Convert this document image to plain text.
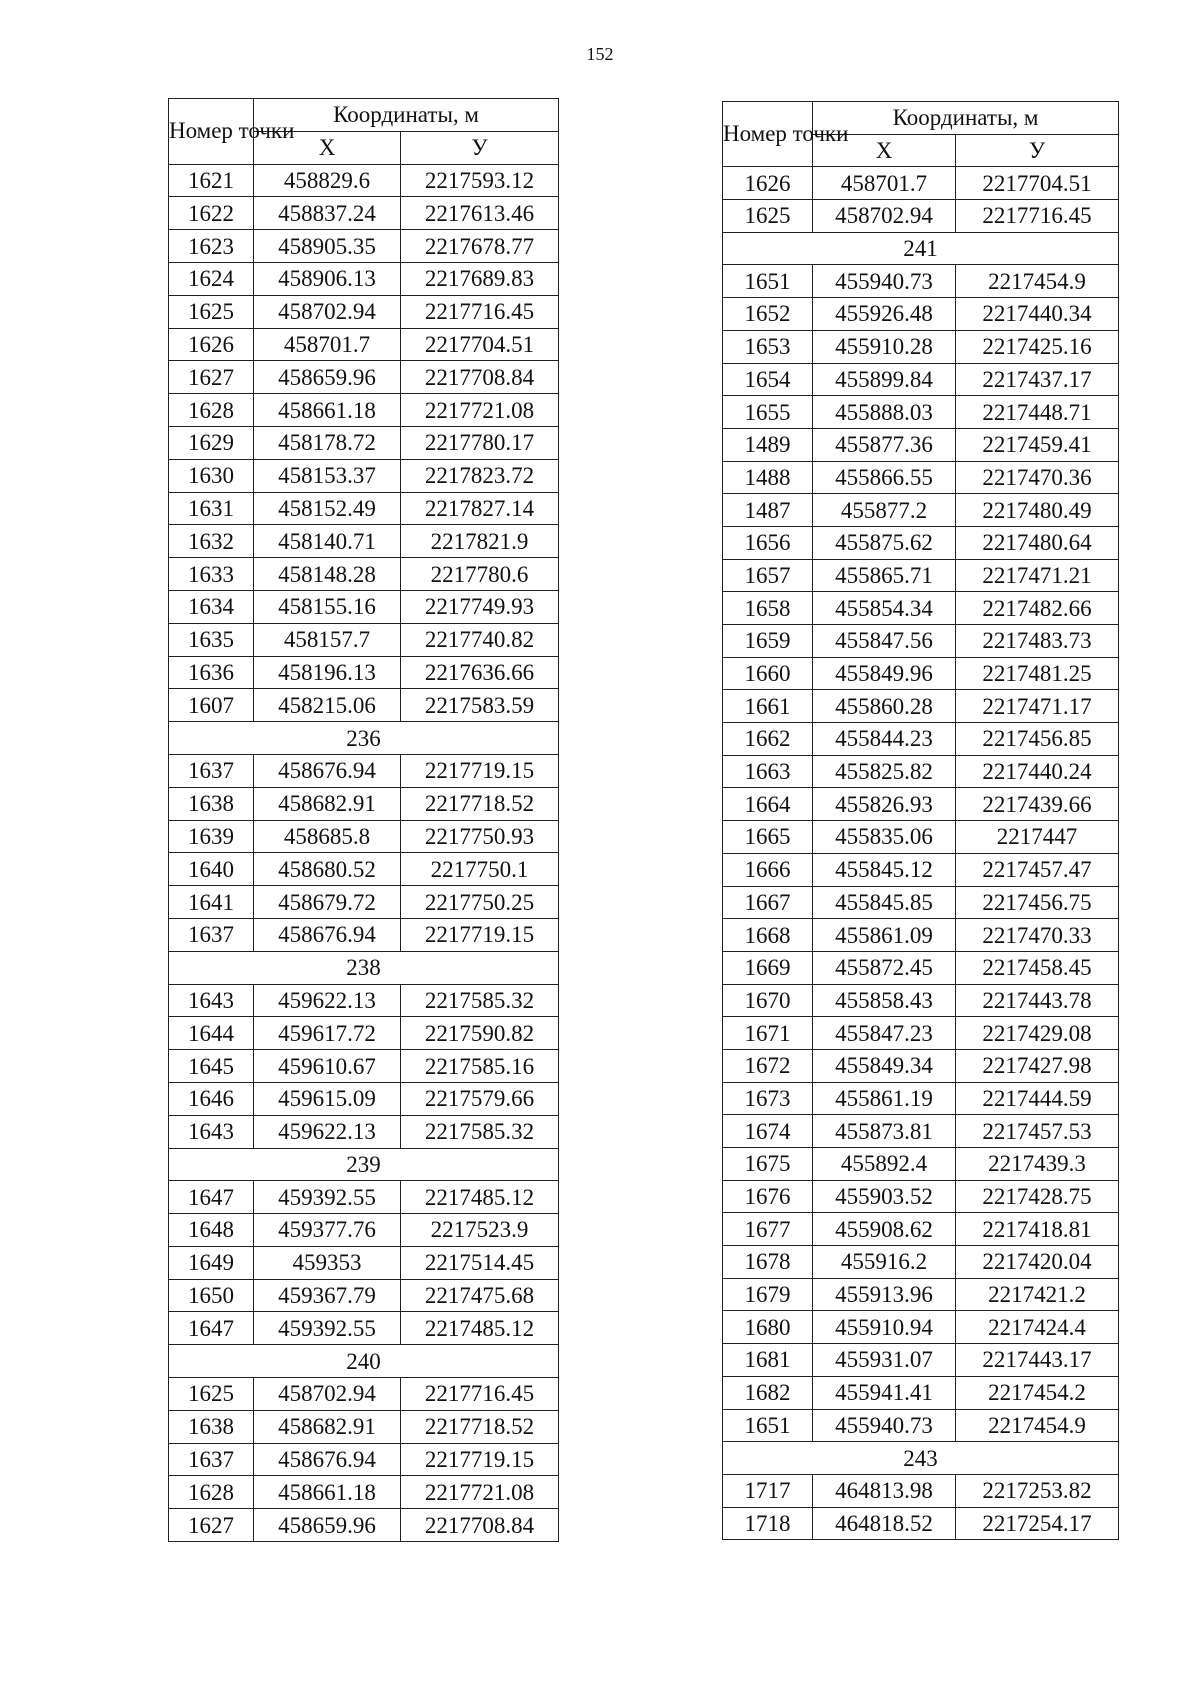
152
Номер точки	Координаты, м	
	X	У
1621	458829.6	2217593.12
1622	458837.24	2217613.46
1623	458905.35	2217678.77
1624	458906.13	2217689.83
1625	458702.94	2217716.45
1626	458701.7	2217704.51
1627	458659.96	2217708.84
1628	458661.18	2217721.08
1629	458178.72	2217780.17
1630	458153.37	2217823.72
1631	458152.49	2217827.14
1632	458140.71	2217821.9
1633	458148.28	2217780.6
1634	458155.16	2217749.93
1635	458157.7	2217740.82
1636	458196.13	2217636.66
1607	458215.06	2217583.59
236		
1637	458676.94	2217719.15
1638	458682.91	2217718.52
1639	458685.8	2217750.93
1640	458680.52	2217750.1
1641	458679.72	2217750.25
1637	458676.94	2217719.15
238		
1643	459622.13	2217585.32
1644	459617.72	2217590.82
1645	459610.67	2217585.16
1646	459615.09	2217579.66
1643	459622.13	2217585.32
239		
1647	459392.55	2217485.12
1648	459377.76	2217523.9
1649	459353	2217514.45
1650	459367.79	2217475.68
1647	459392.55	2217485.12
240		
1625	458702.94	2217716.45
1638	458682.91	2217718.52
1637	458676.94	2217719.15
1628	458661.18	2217721.08
1627	458659.96	2217708.84
Номер точки	Координаты, м	
	X	У
1626	458701.7	2217704.51
1625	458702.94	2217716.45
241		
1651	455940.73	2217454.9
1652	455926.48	2217440.34
1653	455910.28	2217425.16
1654	455899.84	2217437.17
1655	455888.03	2217448.71
1489	455877.36	2217459.41
1488	455866.55	2217470.36
1487	455877.2	2217480.49
1656	455875.62	2217480.64
1657	455865.71	2217471.21
1658	455854.34	2217482.66
1659	455847.56	2217483.73
1660	455849.96	2217481.25
1661	455860.28	2217471.17
1662	455844.23	2217456.85
1663	455825.82	2217440.24
1664	455826.93	2217439.66
1665	455835.06	2217447
1666	455845.12	2217457.47
1667	455845.85	2217456.75
1668	455861.09	2217470.33
1669	455872.45	2217458.45
1670	455858.43	2217443.78
1671	455847.23	2217429.08
1672	455849.34	2217427.98
1673	455861.19	2217444.59
1674	455873.81	2217457.53
1675	455892.4	2217439.3
1676	455903.52	2217428.75
1677	455908.62	2217418.81
1678	455916.2	2217420.04
1679	455913.96	2217421.2
1680	455910.94	2217424.4
1681	455931.07	2217443.17
1682	455941.41	2217454.2
1651	455940.73	2217454.9
243		
1717	464813.98	2217253.82
1718	464818.52	2217254.17
